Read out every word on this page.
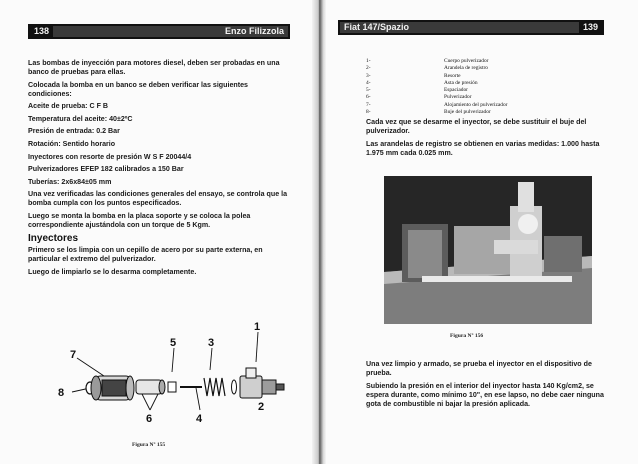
138	Enzo Filizzola

Las bombas de inyección para motores diesel, deben ser probadas en una banco de pruebas para ellas.

Colocada la bomba en un banco se deben verificar las siguientes condiciones:

Aceite de prueba: C F B

Temperatura del aceite: 40±2ºC

Presión de entrada: 0.2 Bar

Rotación: Sentido horario

Inyectores con resorte de presión W S F 20044/4

Pulverizadores EFEP 182 calibrados a 150 Bar

Tuberías: 2x6x84±05 mm

Una vez verificadas las condiciones generales del ensayo, se controla que la bomba cumpla con los puntos especificados.

Luego se monta la bomba en la placa soporte y se coloca la polea correspondiente ajustándola con un torque de 5 Kgm.

Inyectores

Primero se los limpia con un cepillo de acero por su parte externa, en particular el extremo del pulverizador.

Luego de limpiarlo se lo desarma completamente.

7
8
5	3
1
2
4
6
Figura Nº 155
Fiat 147/Spazio	139
1-	Cuerpo pulverizador
2-	Arandela de registro
3-	Resorte
4-	Asta de presión
5-	Espaciador
6-	Pulverizador
7-	Alojamiento del pulverizador
8-	Buje del pulverizador

Cada vez que se desarme el inyector, se debe sustituir el buje del pulverizador.

Las arandelas de registro se obtienen en varias medidas: 1.000 hasta 1.975 mm cada 0.025 mm.

Figura Nº 156

Una vez limpio y armado, se prueba el inyector en el dispositivo de prueba.

Subiendo la presión en el interior del inyector hasta 140 Kg/cm2, se espera durante, como mínimo 10", en ese lapso, no debe caer ninguna gota de combustible ni bajar la presión aplicada.
